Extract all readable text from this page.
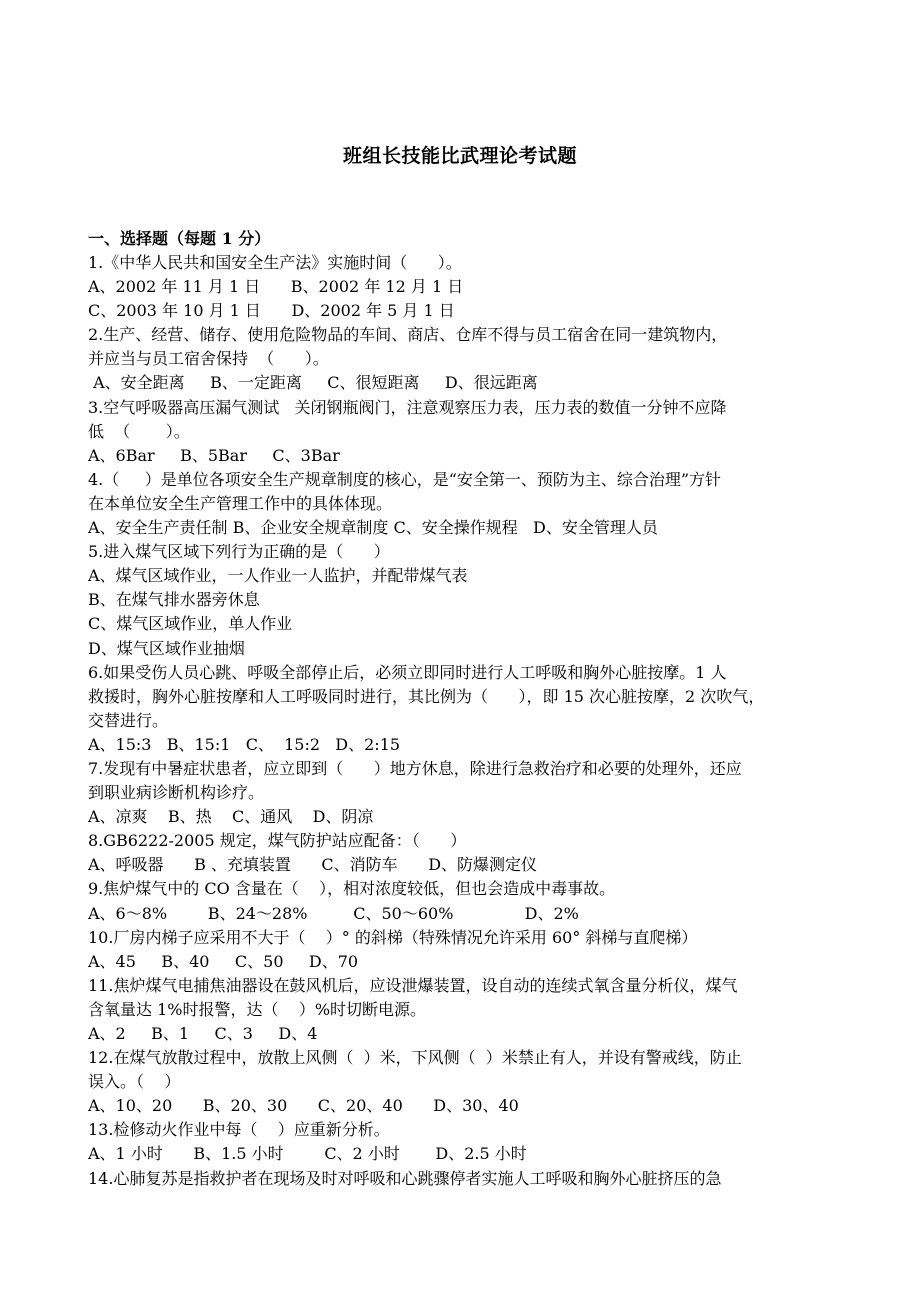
班组长技能比武理论考试题
一、选择题（每题 1 分）
1.《中华人民共和国安全生产法》实施时间（      ）。
A、2002 年 11 月 1 日      B、2002 年 12 月 1 日
C、2003 年 10 月 1 日      D、2002 年 5 月 1 日
2.生产、经营、储存、使用危险物品的车间、商店、仓库不得与员工宿舍在同一建筑物内，
并应当与员工宿舍保持  （      ）。
A、安全距离     B、一定距离     C、很短距离     D、很远距离
3.空气呼吸器高压漏气测试   关闭钢瓶阀门，注意观察压力表，压力表的数值一分钟不应降
低  （       ）。
A、6Bar     B、5Bar     C、3Bar
4.（     ）是单位各项安全生产规章制度的核心，是“安全第一、预防为主、综合治理”方针
在本单位安全生产管理工作中的具体体现。
A、安全生产责任制 B、企业安全规章制度 C、安全操作规程   D、安全管理人员
5.进入煤气区域下列行为正确的是（      ）
A、煤气区域作业，一人作业一人监护，并配带煤气表
B、在煤气排水器旁休息
C、煤气区域作业，单人作业
D、煤气区域作业抽烟
6.如果受伤人员心跳、呼吸全部停止后，必须立即同时进行人工呼吸和胸外心脏按摩。1 人
救援时，胸外心脏按摩和人工呼吸同时进行，其比例为（      ），即 15 次心脏按摩，2 次吹气，
交替进行。
A、15:3   B、15:1   C、  15:2   D、2:15
7.发现有中暑症状患者，应立即到（      ）地方休息，除进行急救治疗和必要的处理外，还应
到职业病诊断机构诊疗。
A、凉爽    B、热    C、通风    D、阴凉
8.GB6222-2005 规定，煤气防护站应配备：（      ）
A、呼吸器      B 、充填装置      C、消防车      D、防爆测定仪
9.焦炉煤气中的 CO 含量在（    ），相对浓度较低，但也会造成中毒事故。
A、6～8%        B、24～28%         C、50～60%              D、2%
10.厂房内梯子应采用不大于（    ）° 的斜梯（特殊情况允许采用 60° 斜梯与直爬梯）
A、45     B、40     C、50     D、70
11.焦炉煤气电捕焦油器设在鼓风机后，应设泄爆装置，设自动的连续式氧含量分析仪，煤气
含氧量达 1%时报警，达（    ）%时切断电源。
A、2     B、1     C、3     D、4
12.在煤气放散过程中，放散上风侧（  ）米，下风侧（  ）米禁止有人，并设有警戒线，防止
误入。（    ）
A、10、20      B、20、30      C、20、40      D、30、40
13.检修动火作业中每（    ）应重新分析。
A、1 小时      B、1.5 小时        C、2 小时       D、2.5 小时
14.心肺复苏是指救护者在现场及时对呼吸和心跳骤停者实施人工呼吸和胸外心脏挤压的急
